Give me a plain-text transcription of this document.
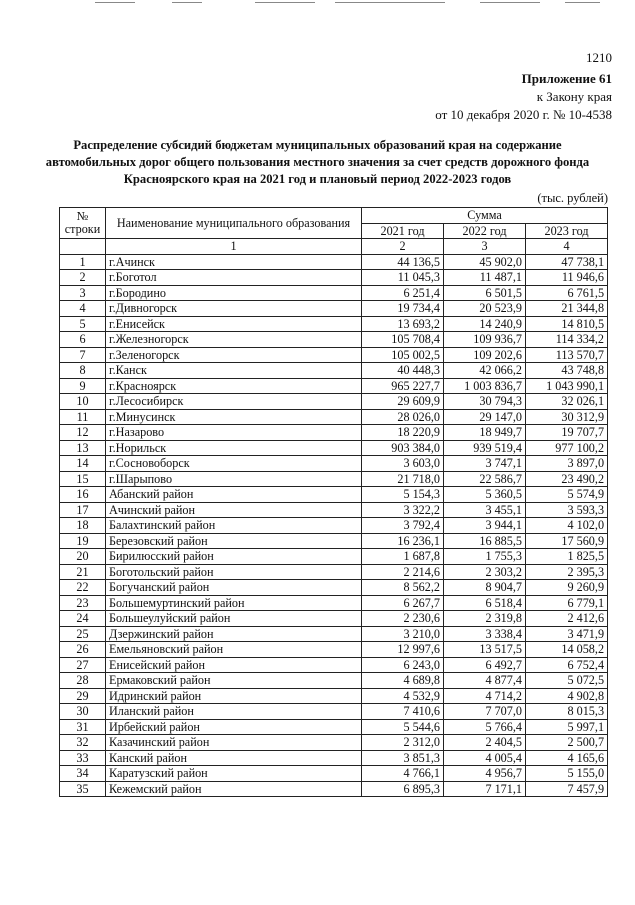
1210
Приложение 61
к Закону края
от 10 декабря 2020 г. № 10-4538

Распределение субсидий бюджетам муниципальных образований края на содержание автомобильных дорог общего пользования местного значения за счет средств дорожного фонда Красноярского края на 2021 год и плановый период 2022-2023 годов

(тыс. рублей)
№ строки	Наименование муниципального образования	Сумма		
		2021 год	2022 год	2023 год
	1	2	3	4
1	г.Ачинск	44 136,5	45 902,0	47 738,1
2	г.Боготол	11 045,3	11 487,1	11 946,6
3	г.Бородино	6 251,4	6 501,5	6 761,5
4	г.Дивногорск	19 734,4	20 523,9	21 344,8
5	г.Енисейск	13 693,2	14 240,9	14 810,5
6	г.Железногорск	105 708,4	109 936,7	114 334,2
7	г.Зеленогорск	105 002,5	109 202,6	113 570,7
8	г.Канск	40 448,3	42 066,2	43 748,8
9	г.Красноярск	965 227,7	1 003 836,7	1 043 990,1
10	г.Лесосибирск	29 609,9	30 794,3	32 026,1
11	г.Минусинск	28 026,0	29 147,0	30 312,9
12	г.Назарово	18 220,9	18 949,7	19 707,7
13	г.Норильск	903 384,0	939 519,4	977 100,2
14	г.Сосновоборск	3 603,0	3 747,1	3 897,0
15	г.Шарыпово	21 718,0	22 586,7	23 490,2
16	Абанский район	5 154,3	5 360,5	5 574,9
17	Ачинский район	3 322,2	3 455,1	3 593,3
18	Балахтинский район	3 792,4	3 944,1	4 102,0
19	Березовский район	16 236,1	16 885,5	17 560,9
20	Бирилюсский район	1 687,8	1 755,3	1 825,5
21	Боготольский район	2 214,6	2 303,2	2 395,3
22	Богучанский район	8 562,2	8 904,7	9 260,9
23	Большемуртинский район	6 267,7	6 518,4	6 779,1
24	Большеулуйский район	2 230,6	2 319,8	2 412,6
25	Дзержинский район	3 210,0	3 338,4	3 471,9
26	Емельяновский район	12 997,6	13 517,5	14 058,2
27	Енисейский район	6 243,0	6 492,7	6 752,4
28	Ермаковский район	4 689,8	4 877,4	5 072,5
29	Идринский район	4 532,9	4 714,2	4 902,8
30	Иланский район	7 410,6	7 707,0	8 015,3
31	Ирбейский район	5 544,6	5 766,4	5 997,1
32	Казачинский район	2 312,0	2 404,5	2 500,7
33	Канский район	3 851,3	4 005,4	4 165,6
34	Каратузский район	4 766,1	4 956,7	5 155,0
35	Кежемский район	6 895,3	7 171,1	7 457,9
